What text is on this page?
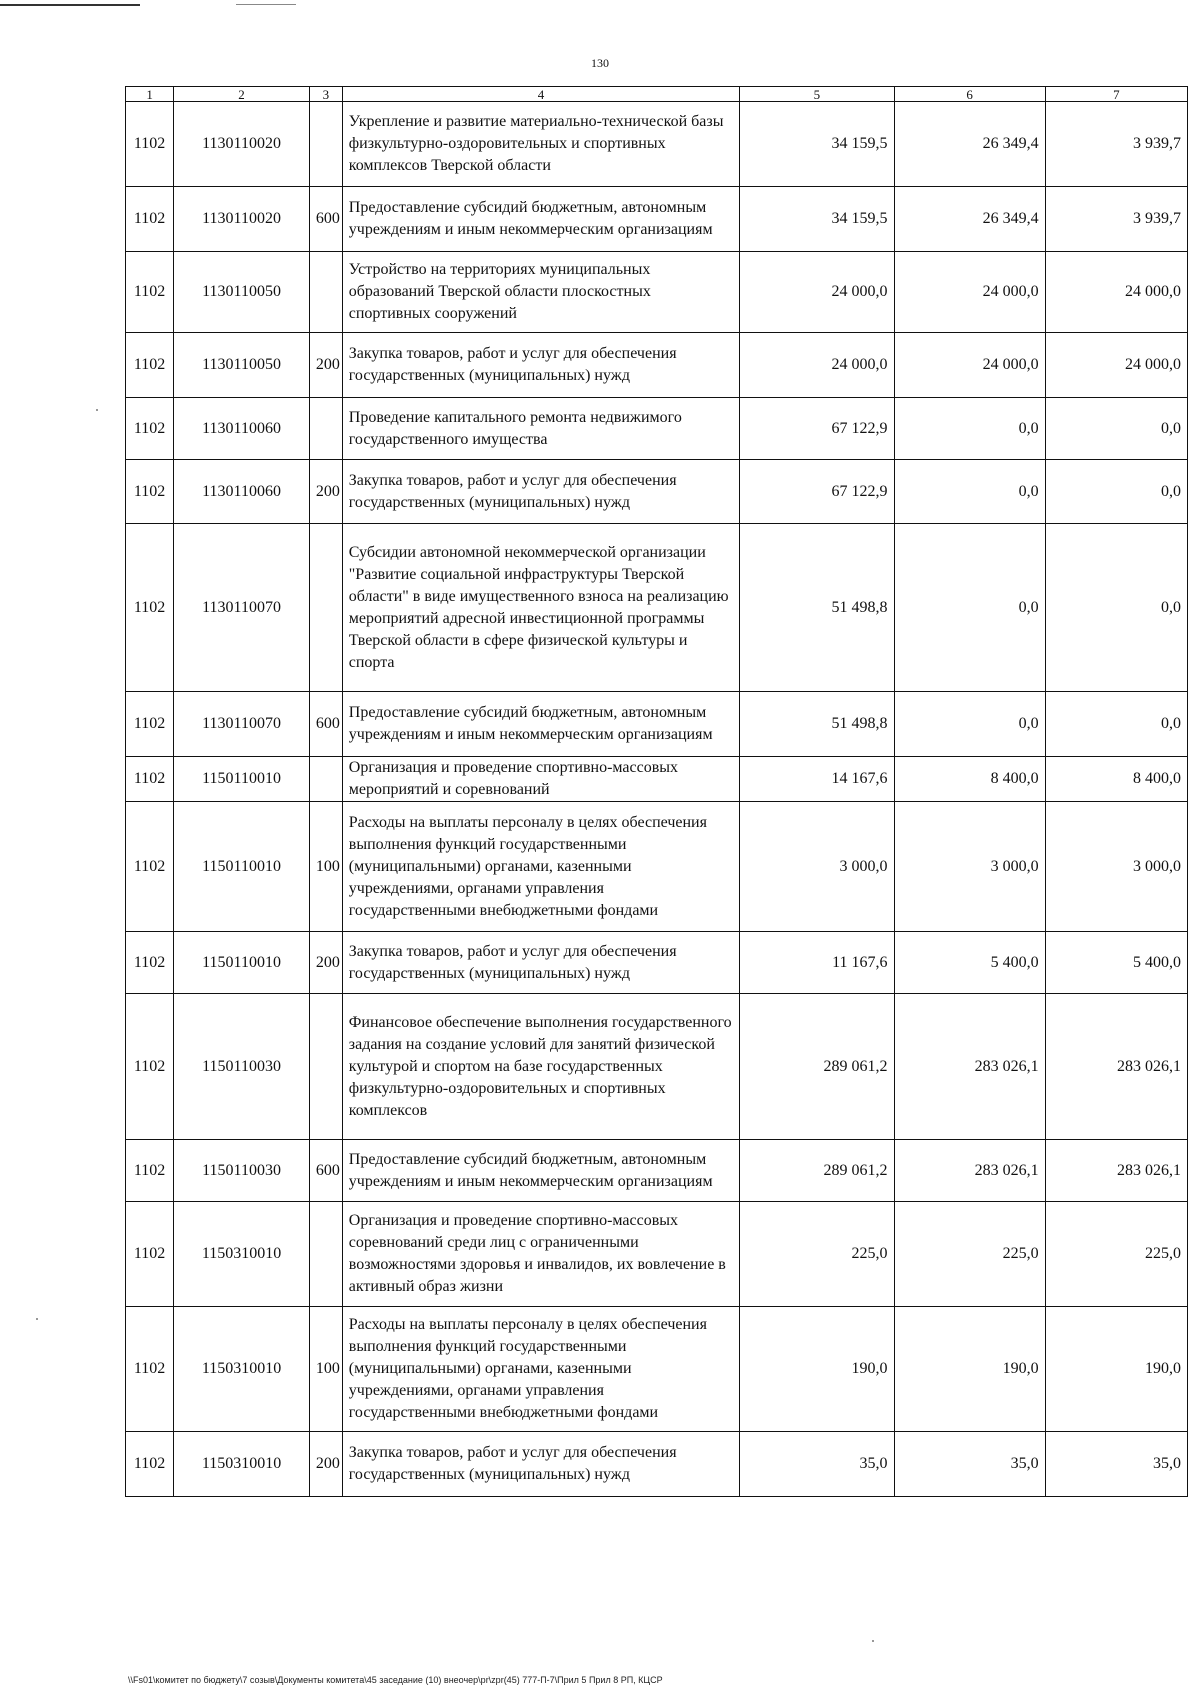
130
1	2	3	4	5	6	7
1102	1130110020		Укрепление и развитие материально-технической базы физкультурно-оздоровительных и спортивных комплексов Тверской области	34 159,5	26 349,4	3 939,7
1102	1130110020	600	Предоставление субсидий бюджетным, автономным учреждениям и иным некоммерческим организациям	34 159,5	26 349,4	3 939,7
1102	1130110050		Устройство на территориях муниципальных образований Тверской области плоскостных спортивных сооружений	24 000,0	24 000,0	24 000,0
1102	1130110050	200	Закупка товаров, работ и услуг для обеспечения государственных (муниципальных) нужд	24 000,0	24 000,0	24 000,0
1102	1130110060		Проведение капитального ремонта недвижимого государственного имущества	67 122,9	0,0	0,0
1102	1130110060	200	Закупка товаров, работ и услуг для обеспечения государственных (муниципальных) нужд	67 122,9	0,0	0,0
1102	1130110070		Субсидии автономной некоммерческой организации "Развитие социальной инфраструктуры Тверской области" в виде имущественного взноса на реализацию мероприятий адресной инвестиционной программы Тверской области в сфере физической культуры и спорта	51 498,8	0,0	0,0
1102	1130110070	600	Предоставление субсидий бюджетным, автономным учреждениям и иным некоммерческим организациям	51 498,8	0,0	0,0
1102	1150110010		Организация и проведение спортивно-массовых мероприятий и соревнований	14 167,6	8 400,0	8 400,0
1102	1150110010	100	Расходы на выплаты персоналу в целях обеспечения выполнения функций государственными (муниципальными) органами, казенными учреждениями, органами управления государственными внебюджетными фондами	3 000,0	3 000,0	3 000,0
1102	1150110010	200	Закупка товаров, работ и услуг для обеспечения государственных (муниципальных) нужд	11 167,6	5 400,0	5 400,0
1102	1150110030		Финансовое обеспечение выполнения государственного задания на создание условий для занятий физической культурой и спортом на базе государственных физкультурно-оздоровительных и спортивных комплексов	289 061,2	283 026,1	283 026,1
1102	1150110030	600	Предоставление субсидий бюджетным, автономным учреждениям и иным некоммерческим организациям	289 061,2	283 026,1	283 026,1
1102	1150310010		Организация и проведение спортивно-массовых соревнований среди лиц с ограниченными возможностями здоровья и инвалидов, их вовлечение в активный образ жизни	225,0	225,0	225,0
1102	1150310010	100	Расходы на выплаты персоналу в целях обеспечения выполнения функций государственными (муниципальными) органами, казенными учреждениями, органами управления государственными внебюджетными фондами	190,0	190,0	190,0
1102	1150310010	200	Закупка товаров, работ и услуг для обеспечения государственных (муниципальных) нужд	35,0	35,0	35,0
\\Fs01\комитет по бюджету\7 созыв\Документы комитета\45 заседание (10) внеочер\pr\zpr(45) 777-П-7\Прил 5 Прил 8 РП, КЦСР
